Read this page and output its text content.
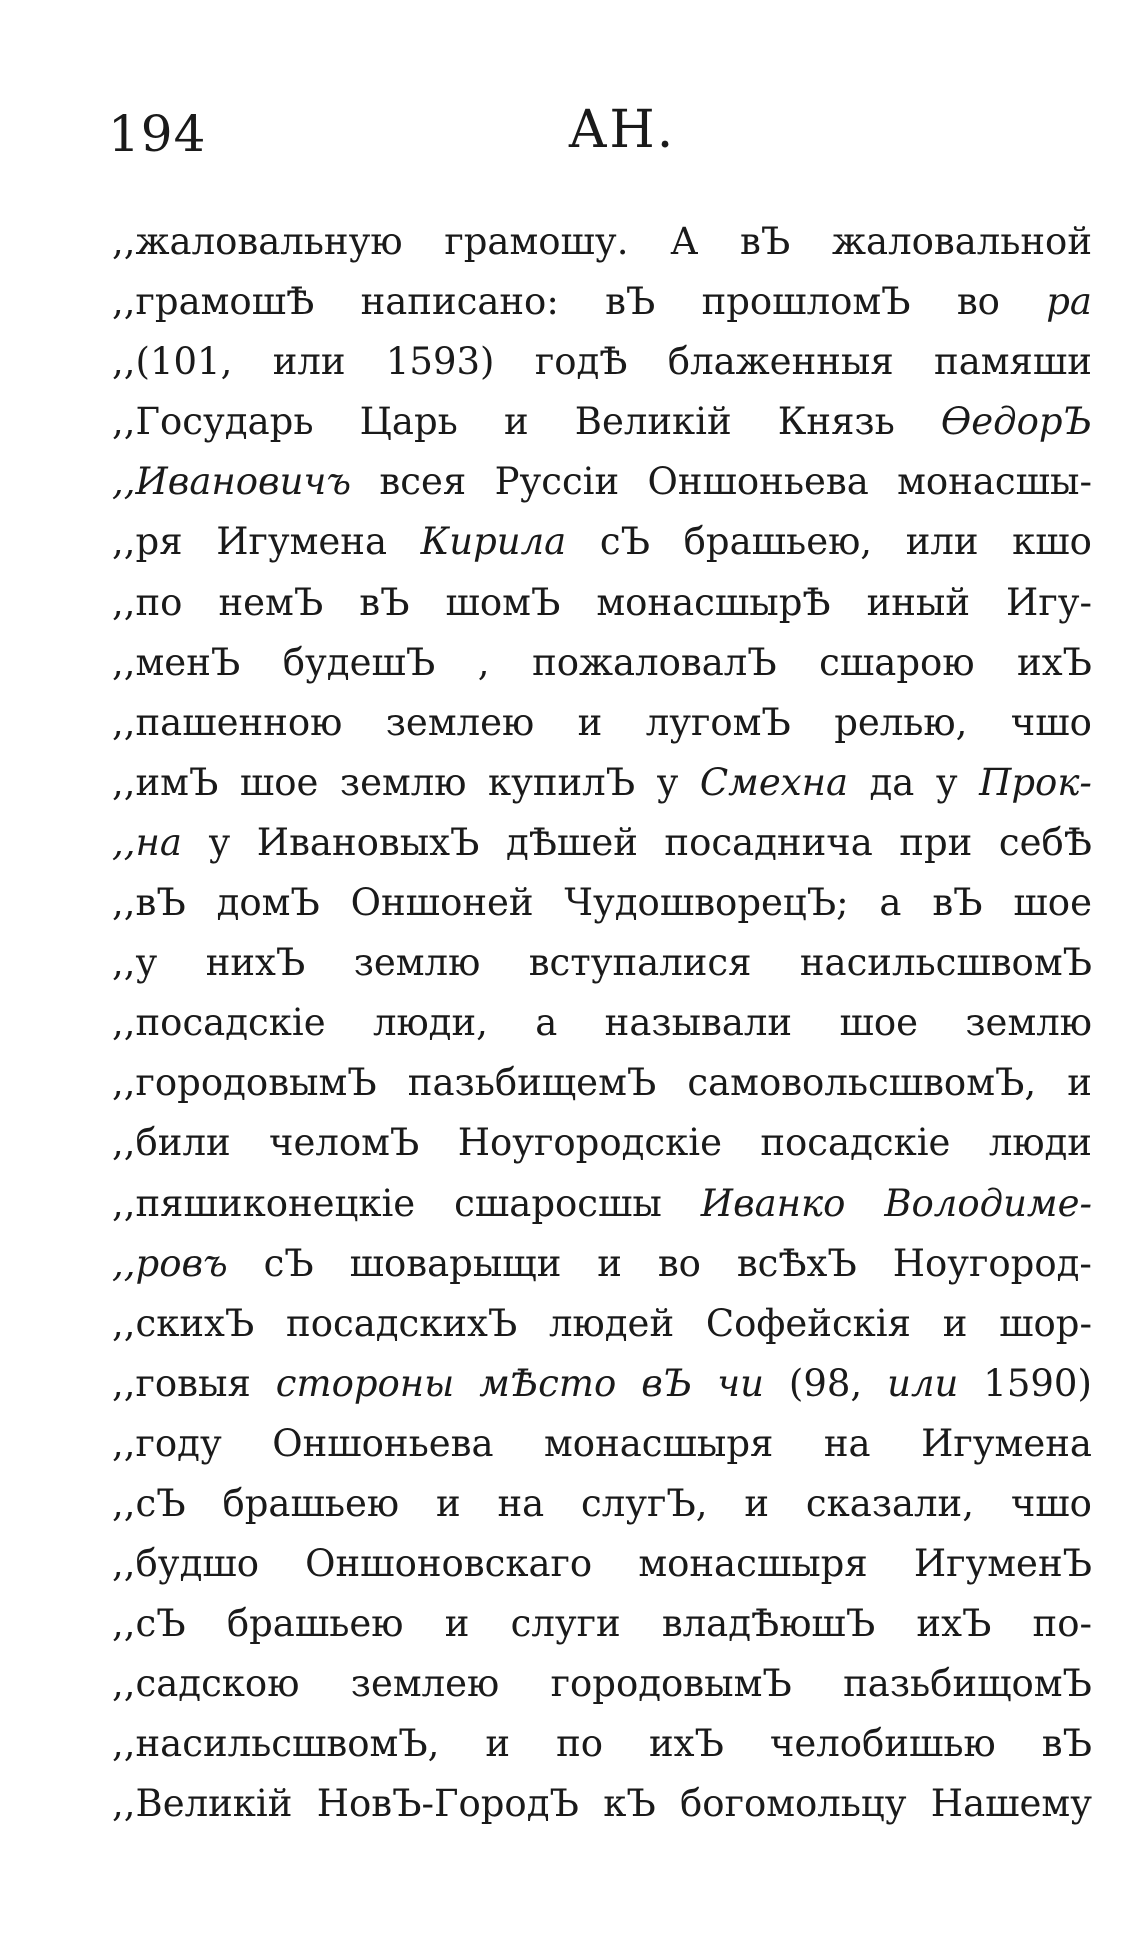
194	АН.
,,жаловальную грамошу. А вЪ жаловальной
,,грамошѢ написано: вЪ прошломЪ во ра
,,(101, или 1593) годѢ блаженныя памяши
,,Государь Царь и Великій Князь ѲедорЪ
,,Ивановичъ всея Руссіи Оншоньева монасшы-
,,ря Игумена Кирила сЪ брашьею, или кшо
,,по немЪ вЪ шомЪ монасшырѢ иный Игу-
,,менЪ будешЪ , пожаловалЪ сшарою ихЪ
,,пашенною землею и лугомЪ релью, чшо
,,имЪ шое землю купилЪ у Смехна да у Прок-
,,на у ИвановыхЪ дѢшей посаднича при себѢ
,,вЪ домЪ Оншоней ЧудошворецЪ; а вЪ шое
,,у нихЪ землю вступалися насильсшвомЪ
,,посадскіе люди, а называли шое землю
,,городовымЪ пазьбищемЪ самовольсшвомЪ, и
,,били челомЪ Ноугородскіе посадскіе люди
,,пяшиконецкіе сшаросшы Иванко Володиме-
,,ровъ сЪ шоварыщи и во всѢхЪ Ноугород-
,,скихЪ посадскихЪ людей Софейскія и шор-
,,говыя стороны мѢсто вЪ чи (98, или 1590)
,,году Оншоньева монасшыря на Игумена
,,сЪ брашьею и на слугЪ, и сказали, чшо
,,будшо Оншоновскаго монасшыря ИгуменЪ
,,сЪ брашьею и слуги владѢюшЪ ихЪ по-
,,садскою землею городовымЪ пазьбищомЪ
,,насильсшвомЪ, и по ихЪ челобишью вЪ
,,Великій НовЪ-ГородЪ кЪ богомольцу Нашему
